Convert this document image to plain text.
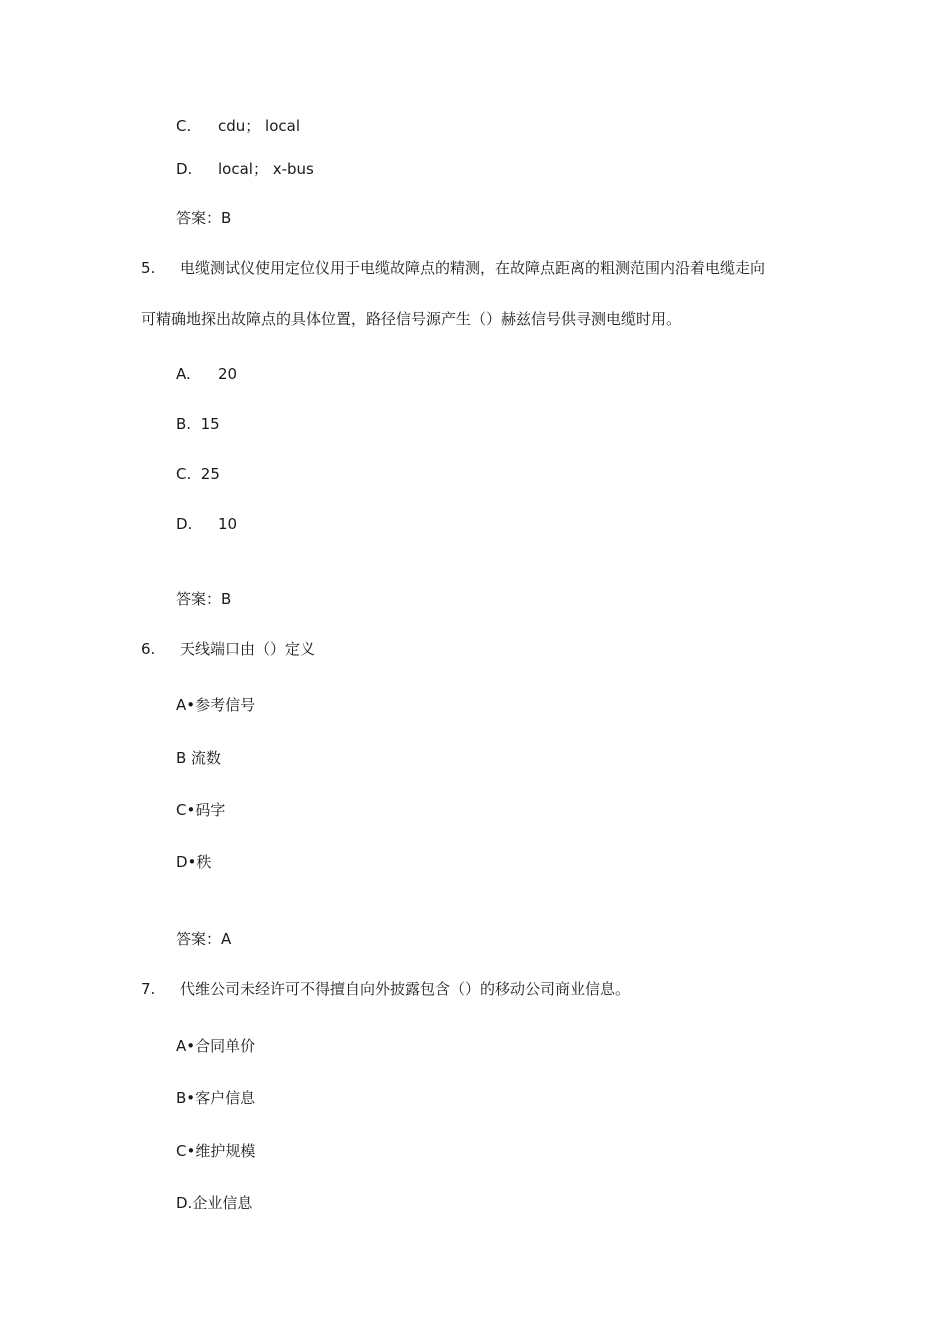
C. cdu； local
D. local； x-bus
答案：B
5. 电缆测试仪使用定位仪用于电缆故障点的精测，在故障点距离的粗测范围内沿着电缆走向
可精确地探出故障点的具体位置，路径信号源产生（）赫兹信号供寻测电缆时用。
A. 20
B.  15
C.  25
D. 10
答案：B
6. 天线端口由（）定义
A•参考信号
B 流数
C•码字
D•秩
答案：A
7. 代维公司未经许可不得擅自向外披露包含（）的移动公司商业信息。
A•合同单价
B•客户信息
C•维护规模
D.企业信息
